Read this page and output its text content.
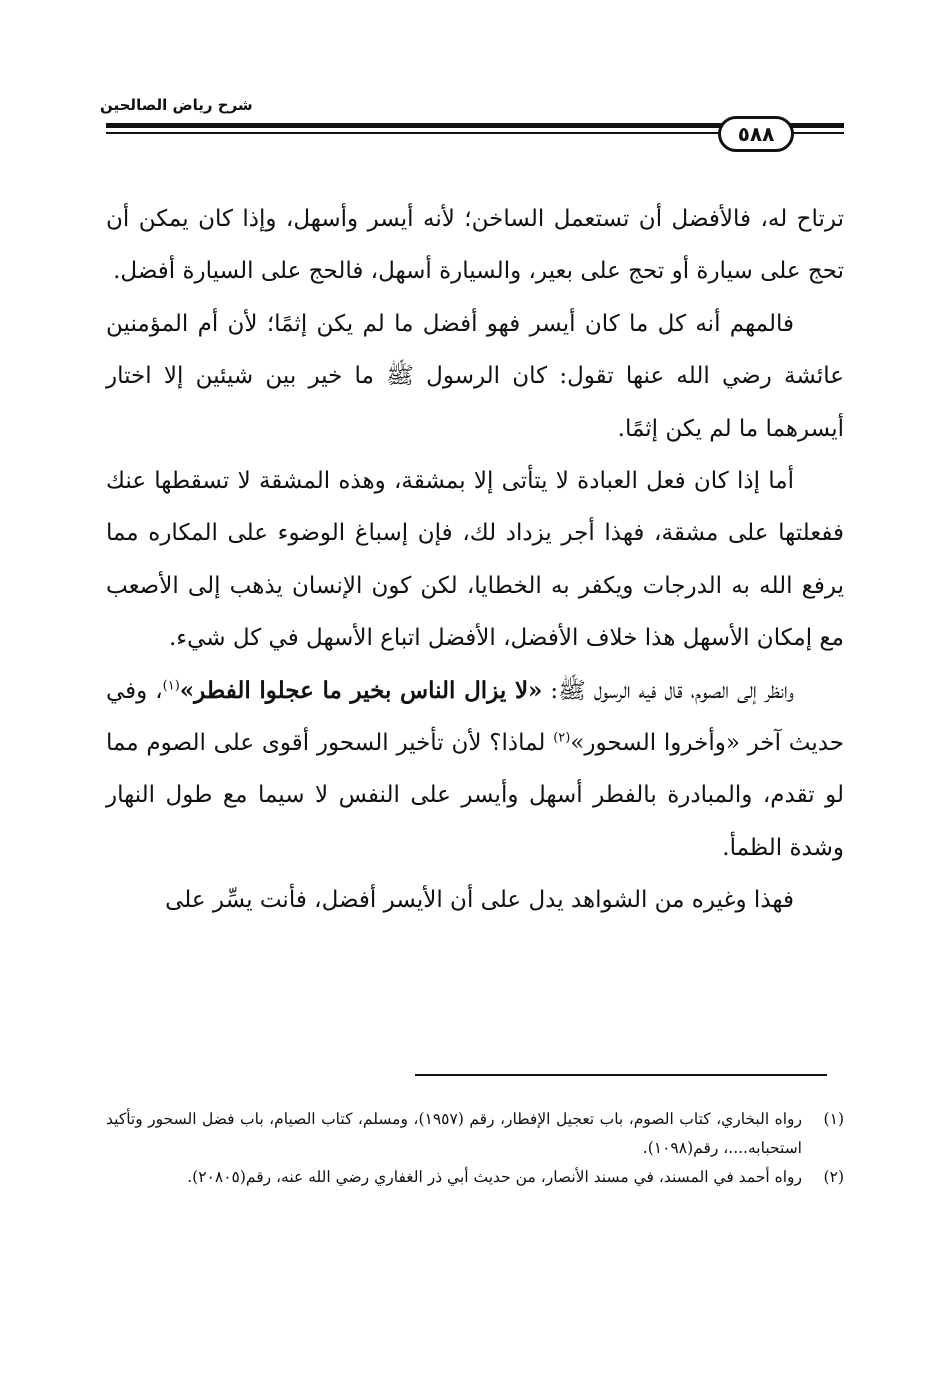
شرح رياض الصالحين
٥٨٨

ترتاح له، فالأفضل أن تستعمل الساخن؛ لأنه أيسر وأسهل، وإذا كان يمكن أن تحج على سيارة أو تحج على بعير، والسيارة أسهل، فالحج على السيارة أفضل.

فالمهم أنه كل ما كان أيسر فهو أفضل ما لم يكن إثمًا؛ لأن أم المؤمنين عائشة رضي الله عنها تقول: كان الرسول ﷺ ما خير بين شيئين إلا اختار أيسرهما ما لم يكن إثمًا.

أما إذا كان فعل العبادة لا يتأتى إلا بمشقة، وهذه المشقة لا تسقطها عنك ففعلتها على مشقة، فهذا أجر يزداد لك، فإن إسباغ الوضوء على المكاره مما يرفع الله به الدرجات ويكفر به الخطايا، لكن كون الإنسان يذهب إلى الأصعب مع إمكان الأسهل هذا خلاف الأفضل، الأفضل اتباع الأسهل في كل شيء.

وانظر إلى الصوم، قال فيه الرسول ﷺ: «لا يزال الناس بخير ما عجلوا الفطر»$^{(١)}$، وفي حديث آخر «وأخروا السحور»$^{(٢)}$ لماذا؟ لأن تأخير السحور أقوى على الصوم مما لو تقدم، والمبادرة بالفطر أسهل وأيسر على النفس لا سيما مع طول النهار وشدة الظمأ.

فهذا وغيره من الشواهد يدل على أن الأيسر أفضل، فأنت يسِّر على

(١)
رواه البخاري، كتاب الصوم، باب تعجيل الإفطار، رقم (١٩٥٧)، ومسلم، كتاب الصيام، باب فضل السحور وتأكيد استحبابه....، رقم(١٠٩٨).
(٢)
رواه أحمد في المسند، في مسند الأنصار، من حديث أبي ذر الغفاري رضي الله عنه، رقم(٢٠٨٠٥).
